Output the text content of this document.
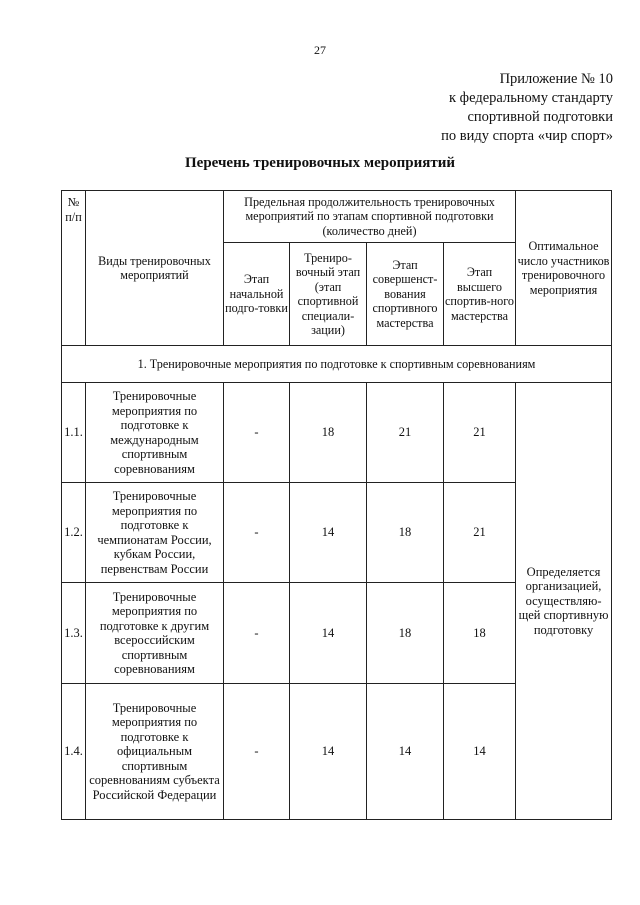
27
Приложение № 10
к федеральному стандарту
спортивной подготовки
по виду спорта «чир спорт»
Перечень тренировочных мероприятий
№ п/п	Виды тренировочных мероприятий	Предельная продолжительность тренировочных мероприятий по этапам спортивной подготовки (количество дней)				Оптимальное число участников тренировочного мероприятия
		Этап начальной подго-товки	Трениро-вочный этап (этап спортивной специали-зации)	Этап совершенст-вования спортивного мастерства	Этап высшего спортив-ного мастерства	
1. Тренировочные мероприятия по подготовке к спортивным соревнованиям						
1.1.	Тренировочные мероприятия по подготовке к международным спортивным соревнованиям	-	18	21	21	Определяется организацией, осуществляю-щей спортивную подготовку
1.2.	Тренировочные мероприятия по подготовке к чемпионатам России, кубкам России, первенствам России	-	14	18	21	
1.3.	Тренировочные мероприятия по подготовке к другим всероссийским спортивным соревнованиям	-	14	18	18	
1.4.	Тренировочные мероприятия по подготовке к официальным спортивным соревнованиям субъекта Российской Федерации	-	14	14	14	
